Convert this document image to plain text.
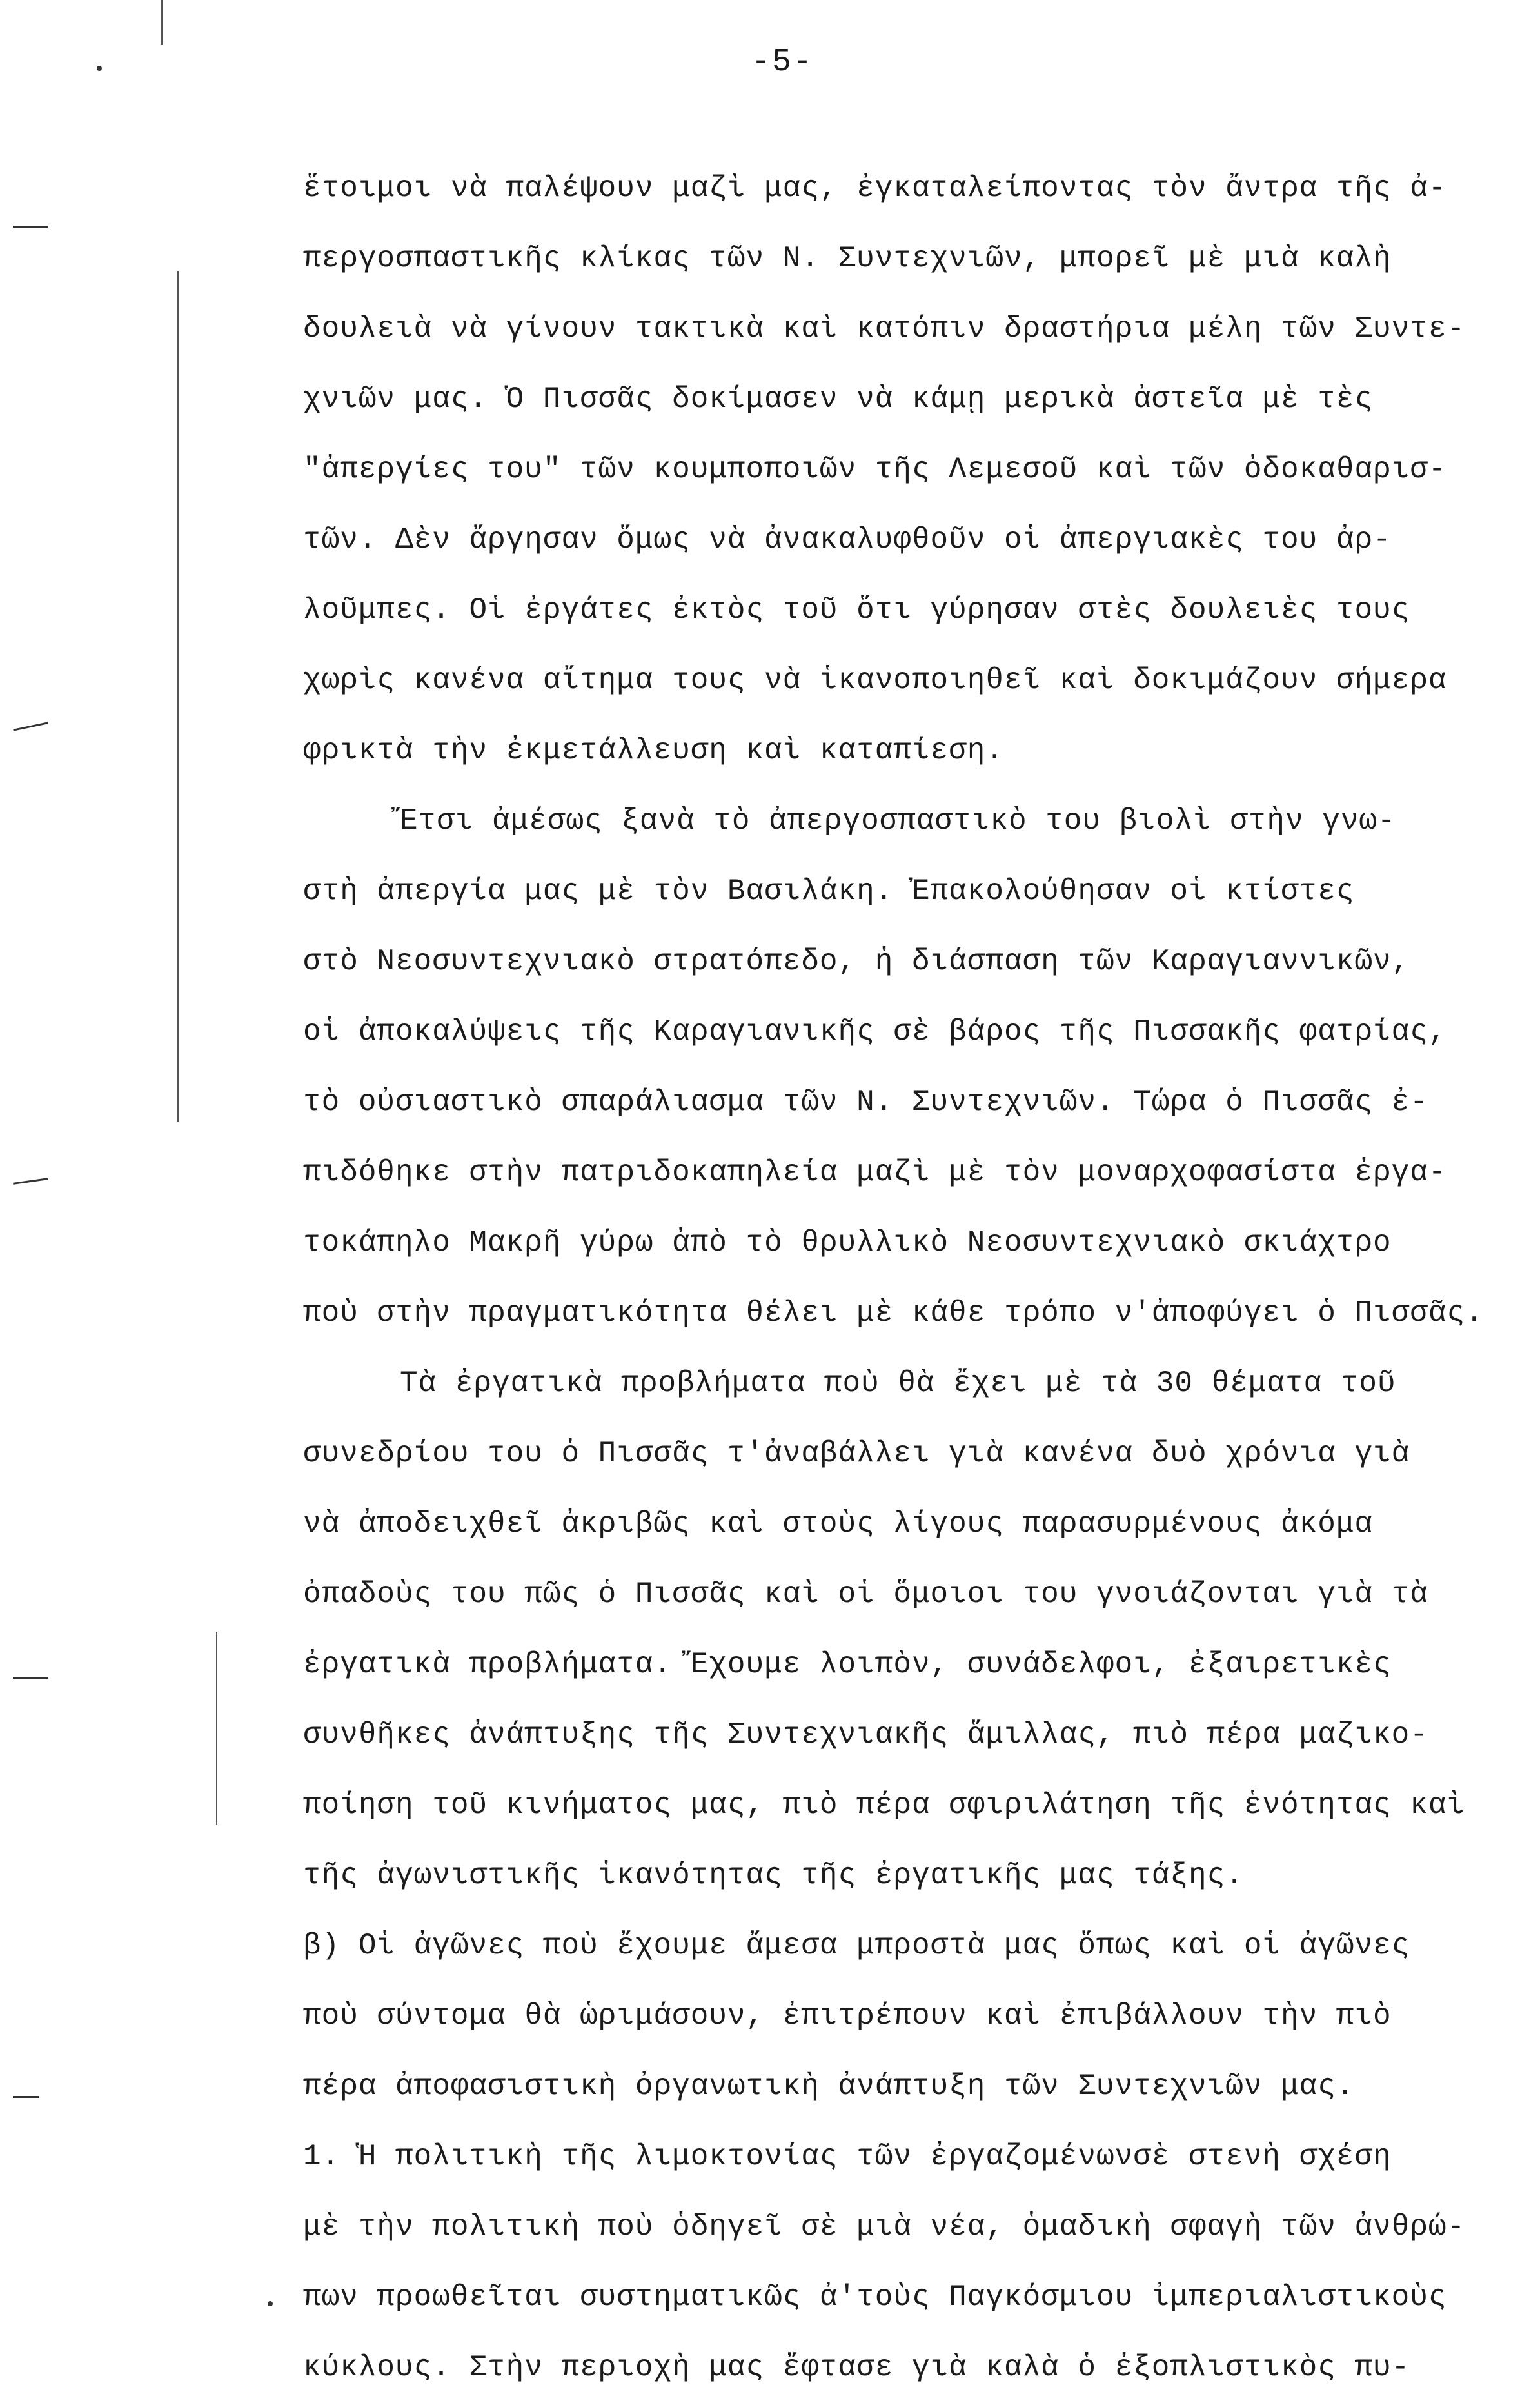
-5-
ἕτοιμοι νὰ παλέψουν μαζὶ μας, ἐγκαταλείποντας τὸν ἄντρα τῆς ἀ-
περγοσπαστικῆς κλίκας τῶν Ν. Συντεχνιῶν, μπορεῖ μὲ μιὰ καλὴ
δουλειὰ νὰ γίνουν τακτικὰ καὶ κατόπιν δραστήρια μέλη τῶν Συντε-
χνιῶν μας. Ὁ Πισσᾶς δοκίμασεν νὰ κάμῃ μερικὰ ἀστεῖα μὲ τὲς
"ἀπεργίες του" τῶν κουμποποιῶν τῆς Λεμεσοῦ καὶ τῶν ὀδοκαθαρισ-
τῶν. Δὲν ἄργησαν ὅμως νὰ ἀνακαλυφθοῦν οἱ ἀπεργιακὲς του ἀρ-
λοῦμπες. Οἱ ἐργάτες ἐκτὸς τοῦ ὅτι γύρησαν στὲς δουλειὲς τους
χωρὶς κανένα αἴτημα τους νὰ ἱκανοποιηθεῖ καὶ δοκιμάζουν σήμερα
φρικτὰ τὴν ἐκμετάλλευση καὶ καταπίεση.
Ἔτσι ἀμέσως ξανὰ τὸ ἀπεργοσπαστικὸ του βιολὶ στὴν γνω-
στὴ ἀπεργία μας μὲ τὸν Βασιλάκη. Ἐπακολούθησαν οἱ κτίστες
στὸ Νεοσυντεχνιακὸ στρατόπεδο, ἡ διάσπαση τῶν Καραγιαννικῶν,
οἱ ἀποκαλύψεις τῆς Καραγιανικῆς σὲ βάρος τῆς Πισσακῆς φατρίας,
τὸ οὐσιαστικὸ σπαράλιασμα τῶν Ν. Συντεχνιῶν. Τώρα ὁ Πισσᾶς ἐ-
πιδόθηκε στὴν πατριδοκαπηλεία μαζὶ μὲ τὸν μοναρχοφασίστα ἐργα-
τοκάπηλο Μακρῆ γύρω ἀπὸ τὸ θρυλλικὸ Νεοσυντεχνιακὸ σκιάχτρο
ποὺ στὴν πραγματικότητα θέλει μὲ κάθε τρόπο ν'ἀποφύγει ὁ Πισσᾶς.
Τὰ ἐργατικὰ προβλήματα ποὺ θὰ ἔχει μὲ τὰ 30 θέματα τοῦ
συνεδρίου του ὁ Πισσᾶς τ'ἀναβάλλει γιὰ κανένα δυὸ χρόνια γιὰ
νὰ ἀποδειχθεῖ ἀκριβῶς καὶ στοὺς λίγους παρασυρμένους ἀκόμα
ὀπαδοὺς του πῶς ὁ Πισσᾶς καὶ οἱ ὅμοιοι του γνοιάζονται γιὰ τὰ
ἐργατικὰ προβλήματα. Ἔχουμε λοιπὸν, συνάδελφοι, ἐξαιρετικὲς
συνθῆκες ἀνάπτυξης τῆς Συντεχνιακῆς ἅμιλλας, πιὸ πέρα μαζικο-
ποίηση τοῦ κινήματος μας, πιὸ πέρα σφιριλάτηση τῆς ἑνότητας καὶ
τῆς ἀγωνιστικῆς ἱκανότητας τῆς ἐργατικῆς μας τάξης.
β) Οἱ ἀγῶνες ποὺ ἔχουμε ἄμεσα μπροστὰ μας ὅπως καὶ οἱ ἀγῶνες
ποὺ σύντομα θὰ ὡριμάσουν, ἐπιτρέπουν καὶ ἐπιβάλλουν τὴν πιὸ
πέρα ἀποφασιστικὴ ὀργανωτικὴ ἀνάπτυξη τῶν Συντεχνιῶν μας.
1. Ἡ πολιτικὴ τῆς λιμοκτονίας τῶν ἐργαζομένωνσὲ στενὴ σχέση
μὲ τὴν πολιτικὴ ποὺ ὁδηγεῖ σὲ μιὰ νέα, ὁμαδικὴ σφαγὴ τῶν ἀνθρώ-
πων προωθεῖται συστηματικῶς ἀ'τοὺς Παγκόσμιου ἰμπεριαλιστικοὺς
κύκλους. Στὴν περιοχὴ μας ἔφτασε γιὰ καλὰ ὁ ἐξοπλιστικὸς πυ-
